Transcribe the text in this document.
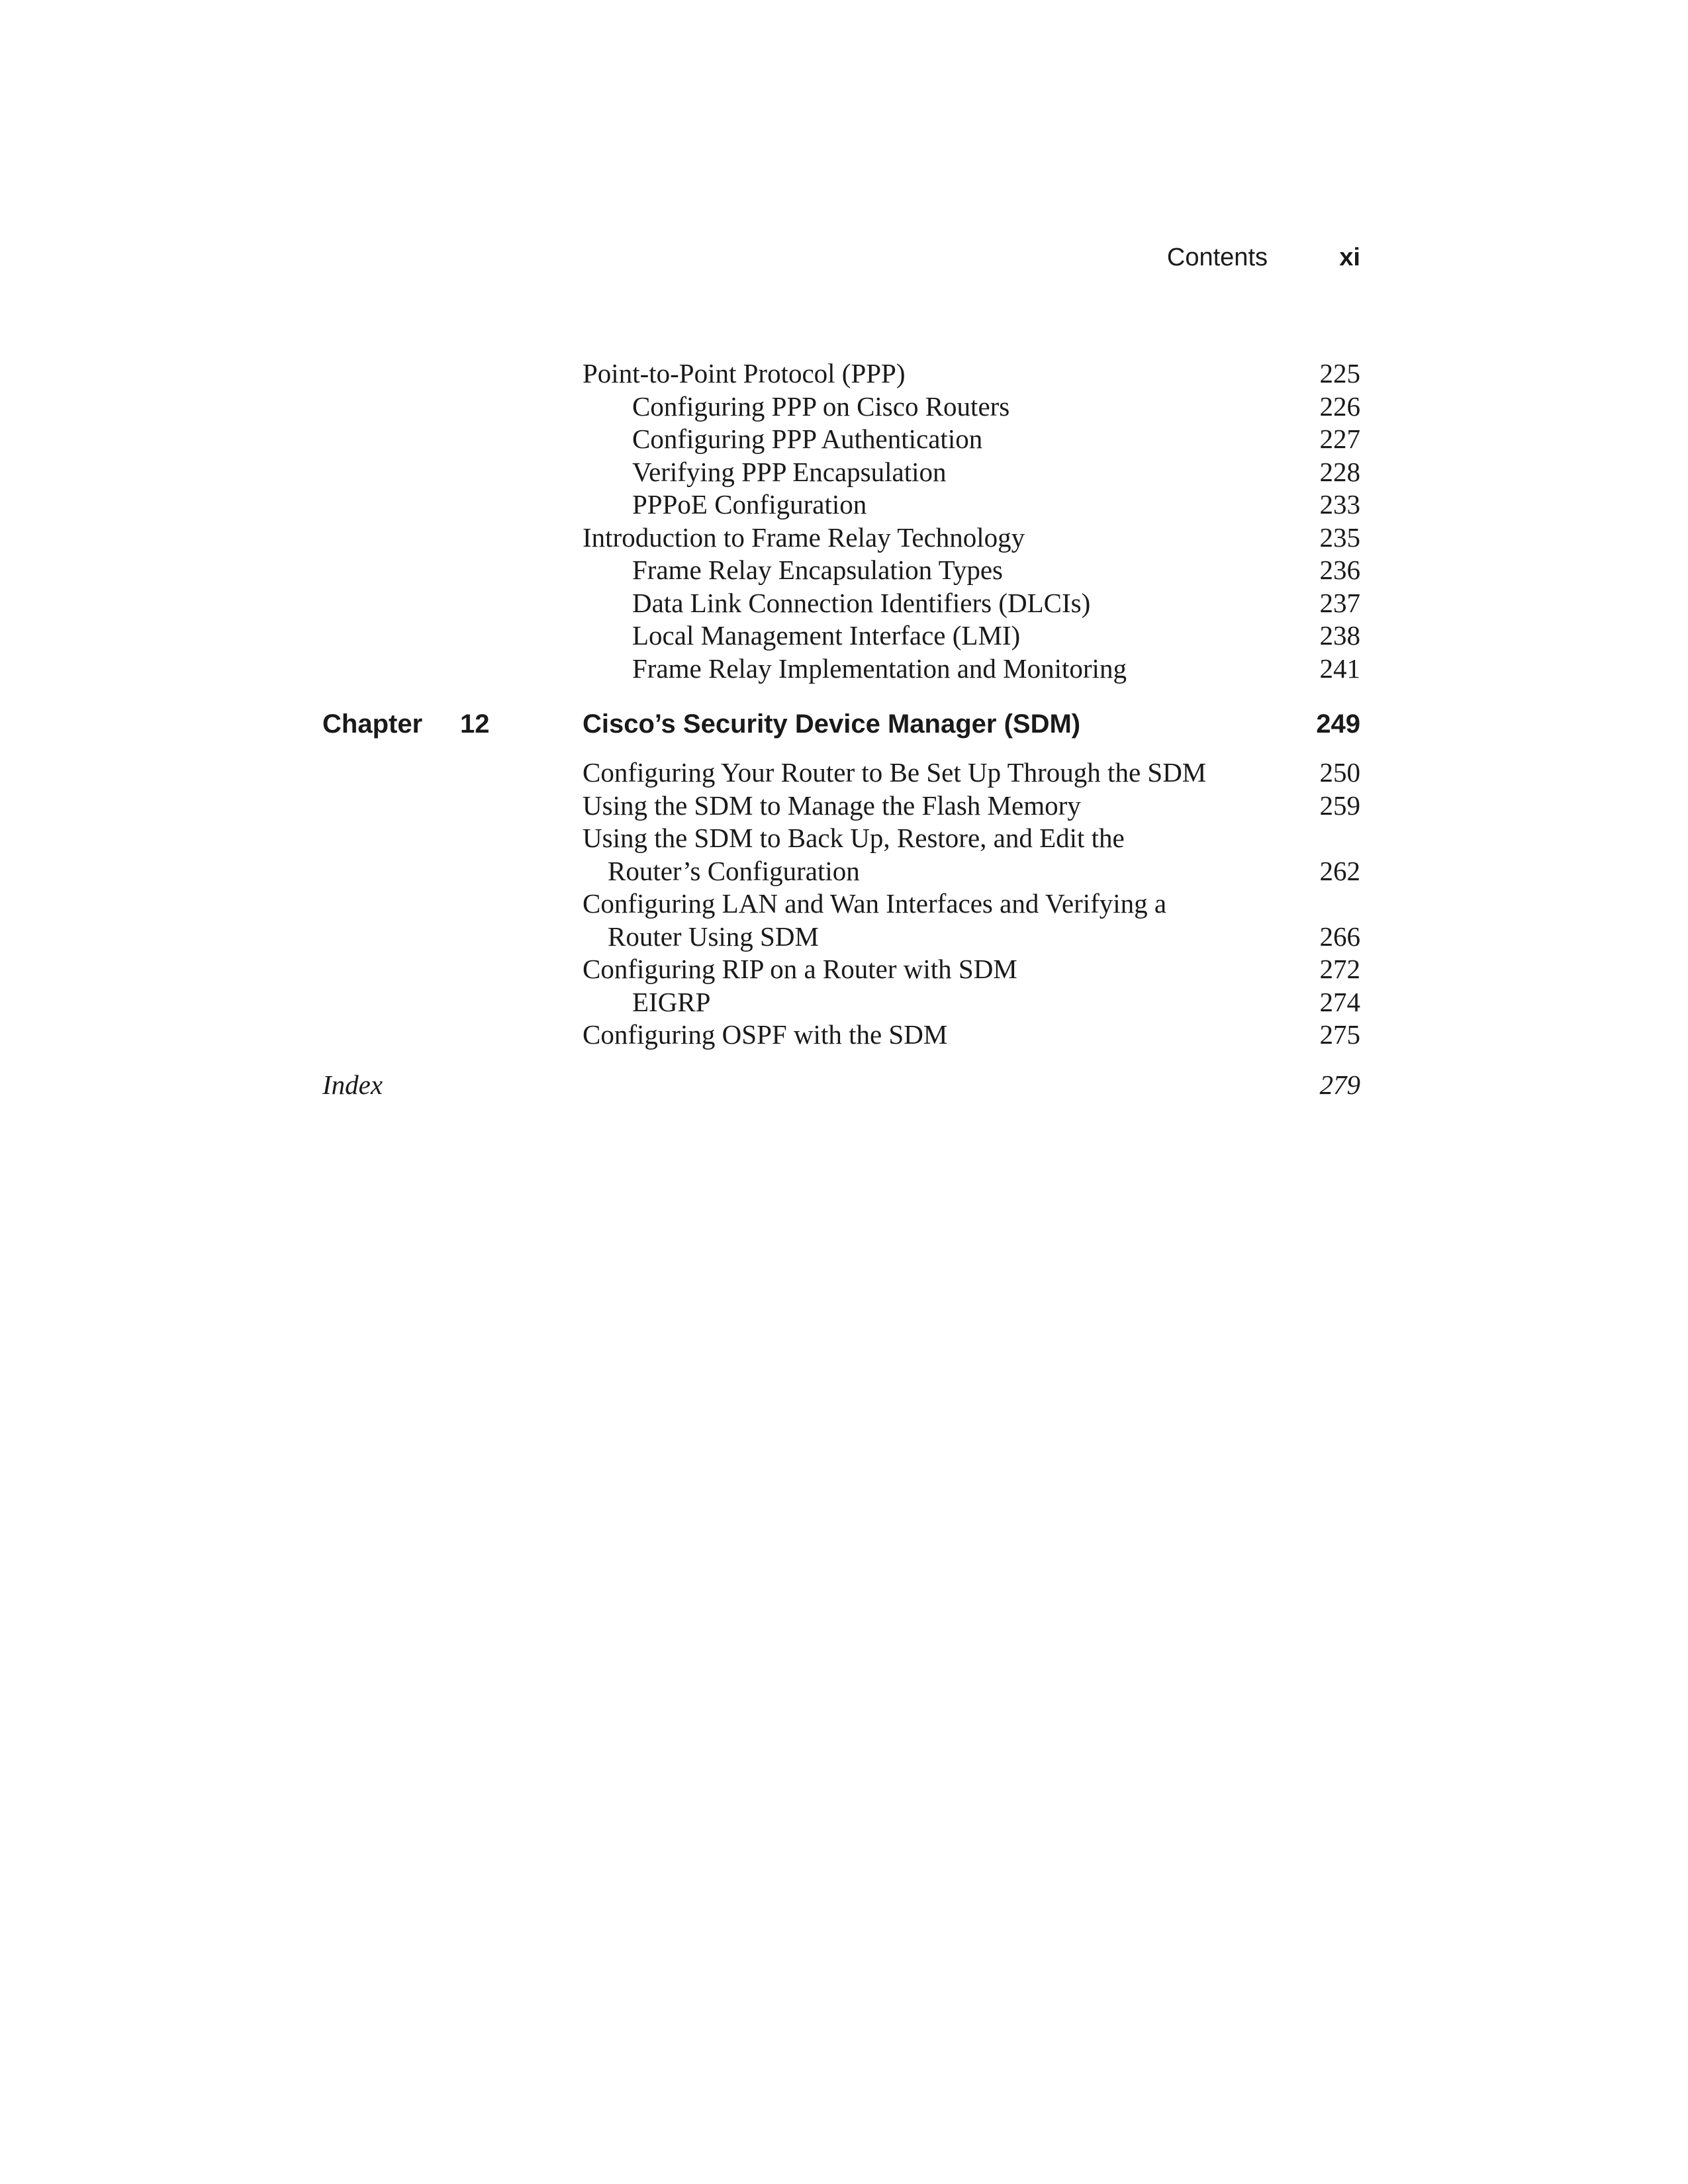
Contents	xi
Point-to-Point Protocol (PPP)	225
Configuring PPP on Cisco Routers	226
Configuring PPP Authentication	227
Verifying PPP Encapsulation	228
PPPoE Configuration	233
Introduction to Frame Relay Technology	235
Frame Relay Encapsulation Types	236
Data Link Connection Identifiers (DLCIs)	237
Local Management Interface (LMI)	238
Frame Relay Implementation and Monitoring	241
Chapter 12	Cisco’s Security Device Manager (SDM)	249
Configuring Your Router to Be Set Up Through the SDM	250
Using the SDM to Manage the Flash Memory	259
Using the SDM to Back Up, Restore, and Edit the
Router’s Configuration	262
Configuring LAN and Wan Interfaces and Verifying a
Router Using SDM	266
Configuring RIP on a Router with SDM	272
EIGRP	274
Configuring OSPF with the SDM	275
Index	279
